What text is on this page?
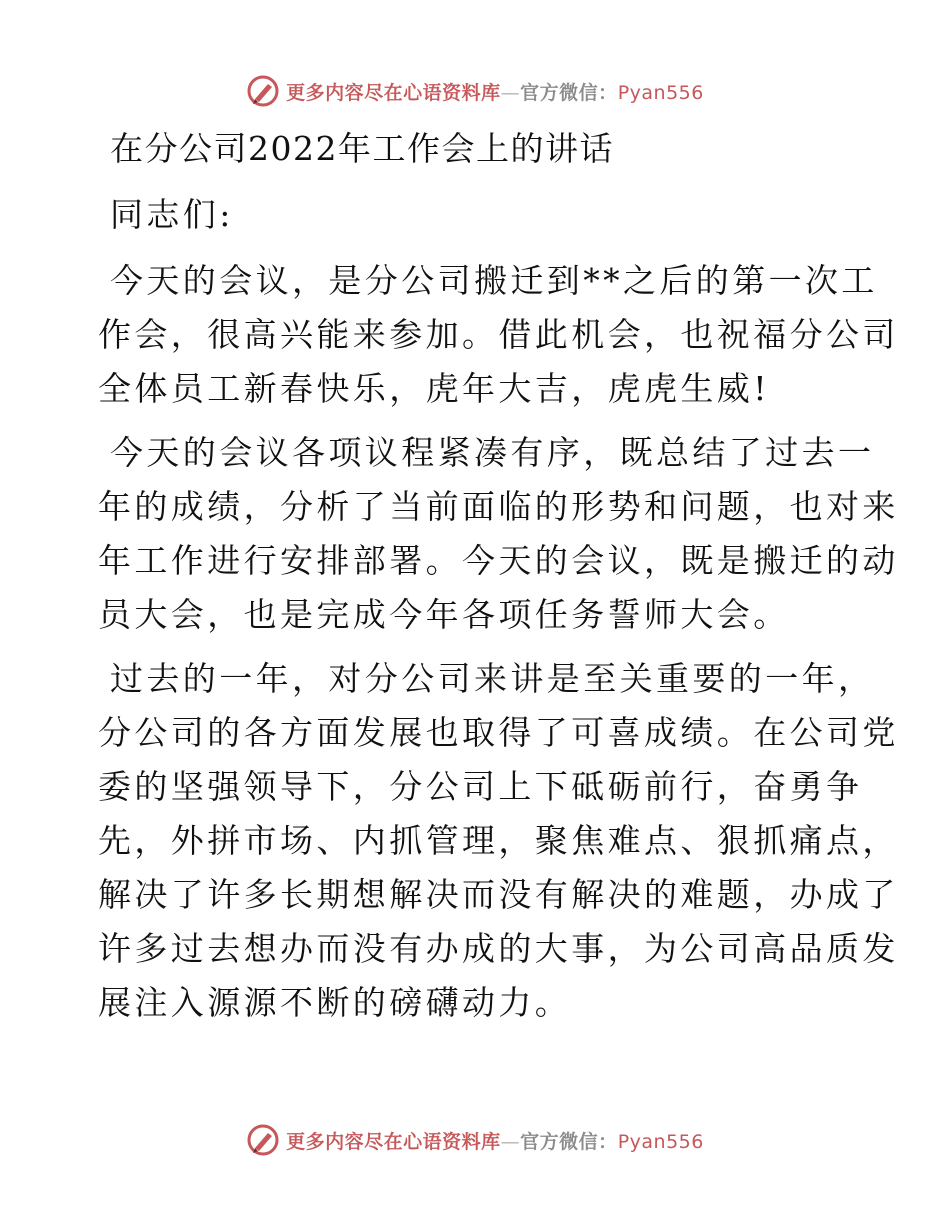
更多内容尽在心语资料库—官方微信：Pyan556
在分公司2022年工作会上的讲话
同志们:
今天的会议，是分公司搬迁到**之后的第一次工
作会，很高兴能来参加。借此机会，也祝福分公司
全体员工新春快乐，虎年大吉，虎虎生威!
今天的会议各项议程紧凑有序，既总结了过去一
年的成绩，分析了当前面临的形势和问题，也对来
年工作进行安排部署。今天的会议，既是搬迁的动
员大会，也是完成今年各项任务誓师大会。
过去的一年，对分公司来讲是至关重要的一年，
分公司的各方面发展也取得了可喜成绩。在公司党
委的坚强领导下，分公司上下砥砺前行，奋勇争
先，外拼市场、内抓管理，聚焦难点、狠抓痛点，
解决了许多长期想解决而没有解决的难题，办成了
许多过去想办而没有办成的大事，为公司高品质发
展注入源源不断的磅礴动力。
更多内容尽在心语资料库—官方微信：Pyan556
